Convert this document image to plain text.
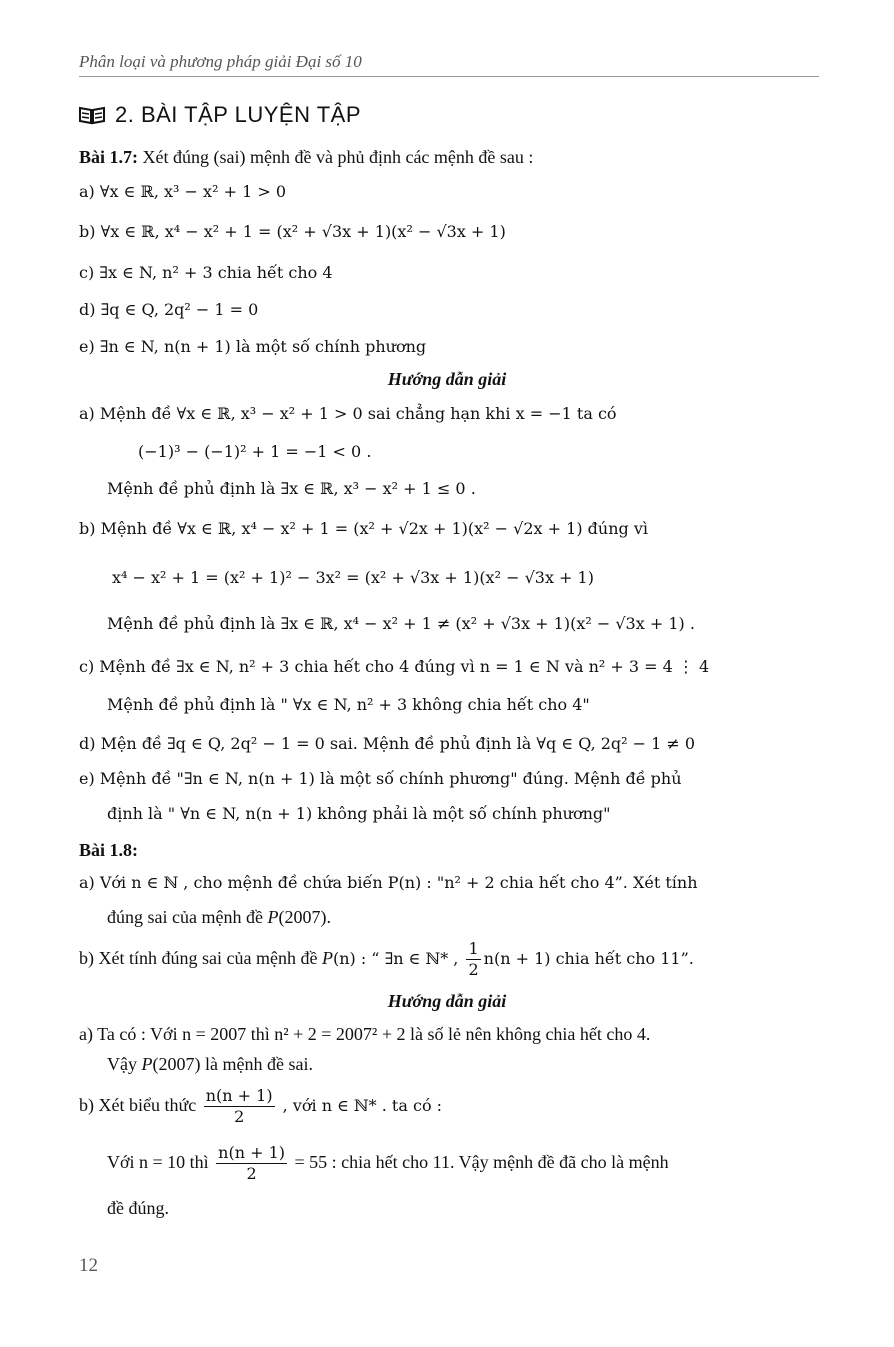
Phân loại và phương pháp giải Đại số 10
2. BÀI TẬP LUYỆN TẬP
Bài 1.7: Xét đúng (sai) mệnh đề và phủ định các mệnh đề sau :
a) ∀x ∈ ℝ, x³ − x² + 1 > 0
b) ∀x ∈ ℝ, x⁴ − x² + 1 = (x² + √3x + 1)(x² − √3x + 1)
c) ∃x ∈ N, n² + 3 chia hết cho 4
d) ∃q ∈ Q, 2q² − 1 = 0
e) ∃n ∈ N, n(n + 1) là một số chính phương
Hướng dẫn giải
a) Mệnh đề ∀x ∈ ℝ, x³ − x² + 1 > 0 sai chẳng hạn khi x = −1 ta có
(−1)³ − (−1)² + 1 = −1 < 0 .
Mệnh đề phủ định là ∃x ∈ ℝ, x³ − x² + 1 ≤ 0 .
b) Mệnh đề ∀x ∈ ℝ, x⁴ − x² + 1 = (x² + √2x + 1)(x² − √2x + 1) đúng vì
x⁴ − x² + 1 = (x² + 1)² − 3x² = (x² + √3x + 1)(x² − √3x + 1)
Mệnh đề phủ định là ∃x ∈ ℝ, x⁴ − x² + 1 ≠ (x² + √3x + 1)(x² − √3x + 1) .
c) Mệnh đề ∃x ∈ N, n² + 3 chia hết cho 4 đúng vì n = 1 ∈ N và n² + 3 = 4 ⋮ 4
Mệnh đề phủ định là " ∀x ∈ N, n² + 3 không chia hết cho 4"
d) Mện đề ∃q ∈ Q, 2q² − 1 = 0 sai. Mệnh đề phủ định là ∀q ∈ Q, 2q² − 1 ≠ 0
e) Mệnh đề "∃n ∈ N, n(n + 1) là một số chính phương" đúng. Mệnh đề phủ
định là " ∀n ∈ N, n(n + 1) không phải là một số chính phương"
Bài 1.8:
a) Với n ∈ ℕ , cho mệnh đề chứa biến P(n) : "n² + 2 chia hết cho 4”. Xét tính
đúng sai của mệnh đề P(2007).
b) Xét tính đúng sai của mệnh đề P(n) : “ ∃n ∈ ℕ* , $\frac{1}{2} n(n + 1)$ chia hết cho 11”.
Hướng dẫn giải
a) Ta có : Với n = 2007 thì n² + 2 = 2007² + 2 là số lẻ nên không chia hết cho 4.
Vậy P(2007) là mệnh đề sai.
b) Xét biểu thức $\frac{n(n + 1)}{2}$ , với n ∈ ℕ* . ta có :
Với n = 10 thì $\frac{n(n + 1)}{2} = 55$ : chia hết cho 11. Vậy mệnh đề đã cho là mệnh
đề đúng.
12
